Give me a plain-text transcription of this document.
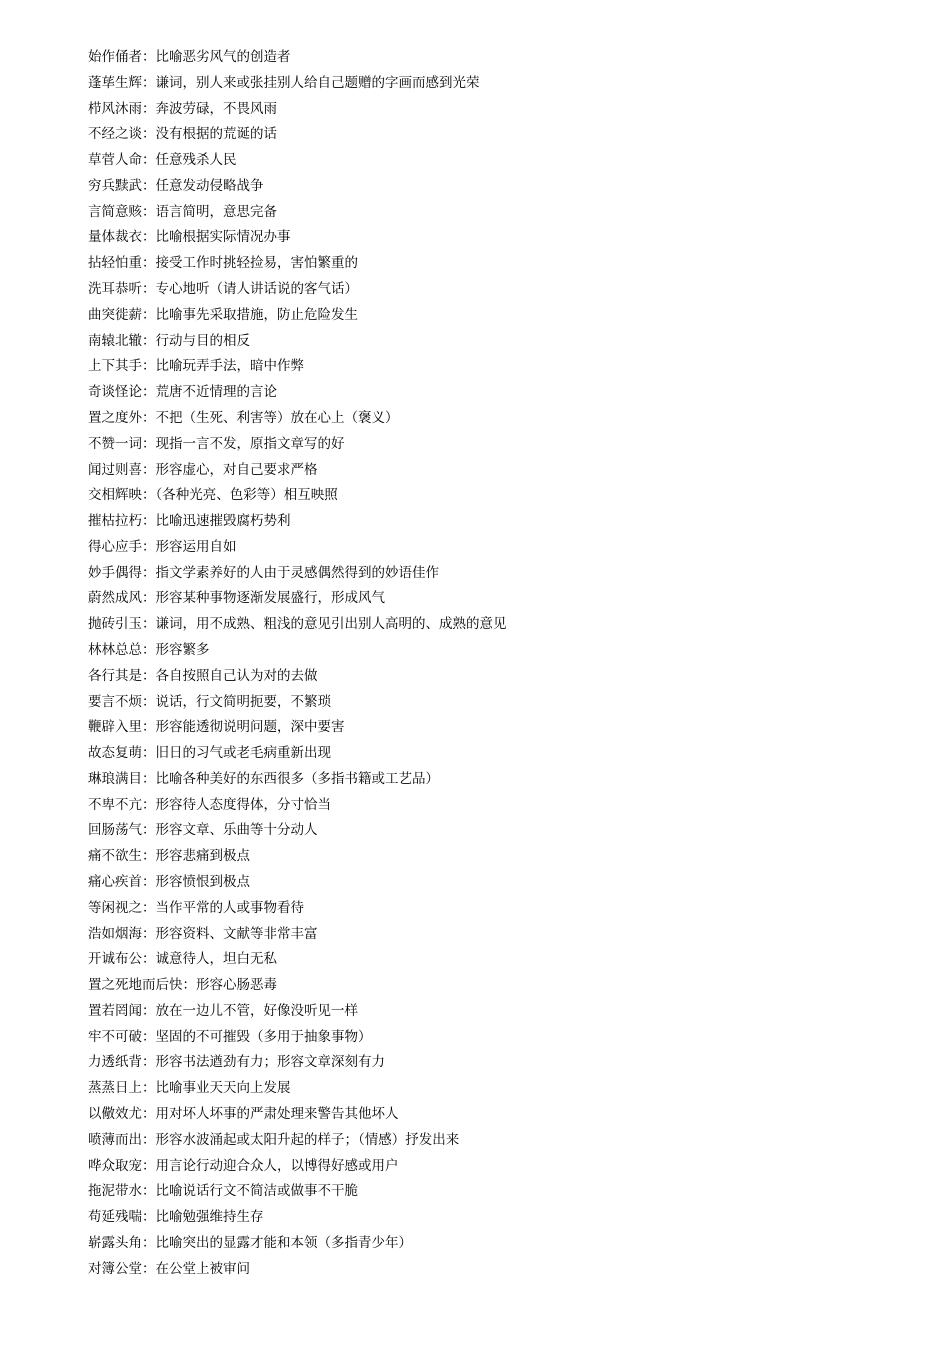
始作俑者：比喻恶劣风气的创造者
蓬荜生辉：谦词，别人来或张挂别人给自己题赠的字画而感到光荣
栉风沐雨：奔波劳碌，不畏风雨
不经之谈：没有根据的荒诞的话
草菅人命：任意残杀人民
穷兵黩武：任意发动侵略战争
言简意赅：语言简明，意思完备
量体裁衣：比喻根据实际情况办事
拈轻怕重：接受工作时挑轻捡易，害怕繁重的
洗耳恭听：专心地听（请人讲话说的客气话）
曲突徙薪：比喻事先采取措施，防止危险发生
南辕北辙：行动与目的相反
上下其手：比喻玩弄手法，暗中作弊
奇谈怪论：荒唐不近情理的言论
置之度外：不把（生死、利害等）放在心上（褒义）
不赞一词：现指一言不发，原指文章写的好
闻过则喜：形容虚心，对自己要求严格
交相辉映：（各种光亮、色彩等）相互映照
摧枯拉朽：比喻迅速摧毁腐朽势利
得心应手：形容运用自如
妙手偶得：指文学素养好的人由于灵感偶然得到的妙语佳作
蔚然成风：形容某种事物逐渐发展盛行，形成风气
抛砖引玉：谦词，用不成熟、粗浅的意见引出别人高明的、成熟的意见
林林总总：形容繁多
各行其是：各自按照自己认为对的去做
要言不烦：说话，行文简明扼要，不繁琐
鞭辟入里：形容能透彻说明问题，深中要害
故态复萌：旧日的习气或老毛病重新出现
琳琅满目：比喻各种美好的东西很多（多指书籍或工艺品）
不卑不亢：形容待人态度得体，分寸恰当
回肠荡气：形容文章、乐曲等十分动人
痛不欲生：形容悲痛到极点
痛心疾首：形容愤恨到极点
等闲视之：当作平常的人或事物看待
浩如烟海：形容资料、文献等非常丰富
开诚布公：诚意待人，坦白无私
置之死地而后快：形容心肠恶毒
置若罔闻：放在一边儿不管，好像没听见一样
牢不可破：坚固的不可摧毁（多用于抽象事物）
力透纸背：形容书法遒劲有力；形容文章深刻有力
蒸蒸日上：比喻事业天天向上发展
以儆效尤：用对坏人坏事的严肃处理来警告其他坏人
喷薄而出：形容水波涌起或太阳升起的样子；（情感）抒发出来
哗众取宠：用言论行动迎合众人，以博得好感或用户
拖泥带水：比喻说话行文不简洁或做事不干脆
苟延残喘：比喻勉强维持生存
崭露头角：比喻突出的显露才能和本领（多指青少年）
对簿公堂：在公堂上被审问
